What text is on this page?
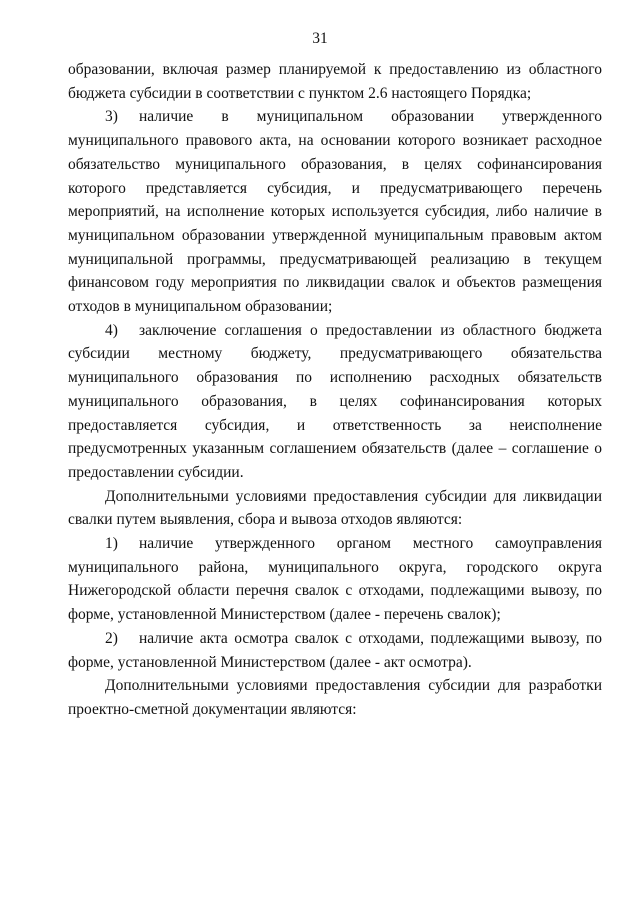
31

образовании, включая размер планируемой к предоставлению из областного бюджета субсидии в соответствии с пунктом 2.6 настоящего Порядка;

3) наличие в муниципальном образовании утвержденного муниципального правового акта, на основании которого возникает расходное обязательство муниципального образования, в целях софинансирования которого представляется субсидия, и предусматривающего перечень мероприятий, на исполнение которых используется субсидия, либо наличие в муниципальном образовании утвержденной муниципальным правовым актом муниципальной программы, предусматривающей реализацию в текущем финансовом году мероприятия по ликвидации свалок и объектов размещения отходов в муниципальном образовании;

4) заключение соглашения о предоставлении из областного бюджета субсидии местному бюджету, предусматривающего обязательства муниципального образования по исполнению расходных обязательств муниципального образования, в целях софинансирования которых предоставляется субсидия, и ответственность за неисполнение предусмотренных указанным соглашением обязательств (далее – соглашение о предоставлении субсидии.

Дополнительными условиями предоставления субсидии для ликвидации свалки путем выявления, сбора и вывоза отходов являются:

1) наличие утвержденного органом местного самоуправления муниципального района, муниципального округа, городского округа Нижегородской области перечня свалок с отходами, подлежащими вывозу, по форме, установленной Министерством (далее - перечень свалок);

2) наличие акта осмотра свалок с отходами, подлежащими вывозу, по форме, установленной Министерством (далее - акт осмотра).

Дополнительными условиями предоставления субсидии для разработки проектно-сметной документации являются:
